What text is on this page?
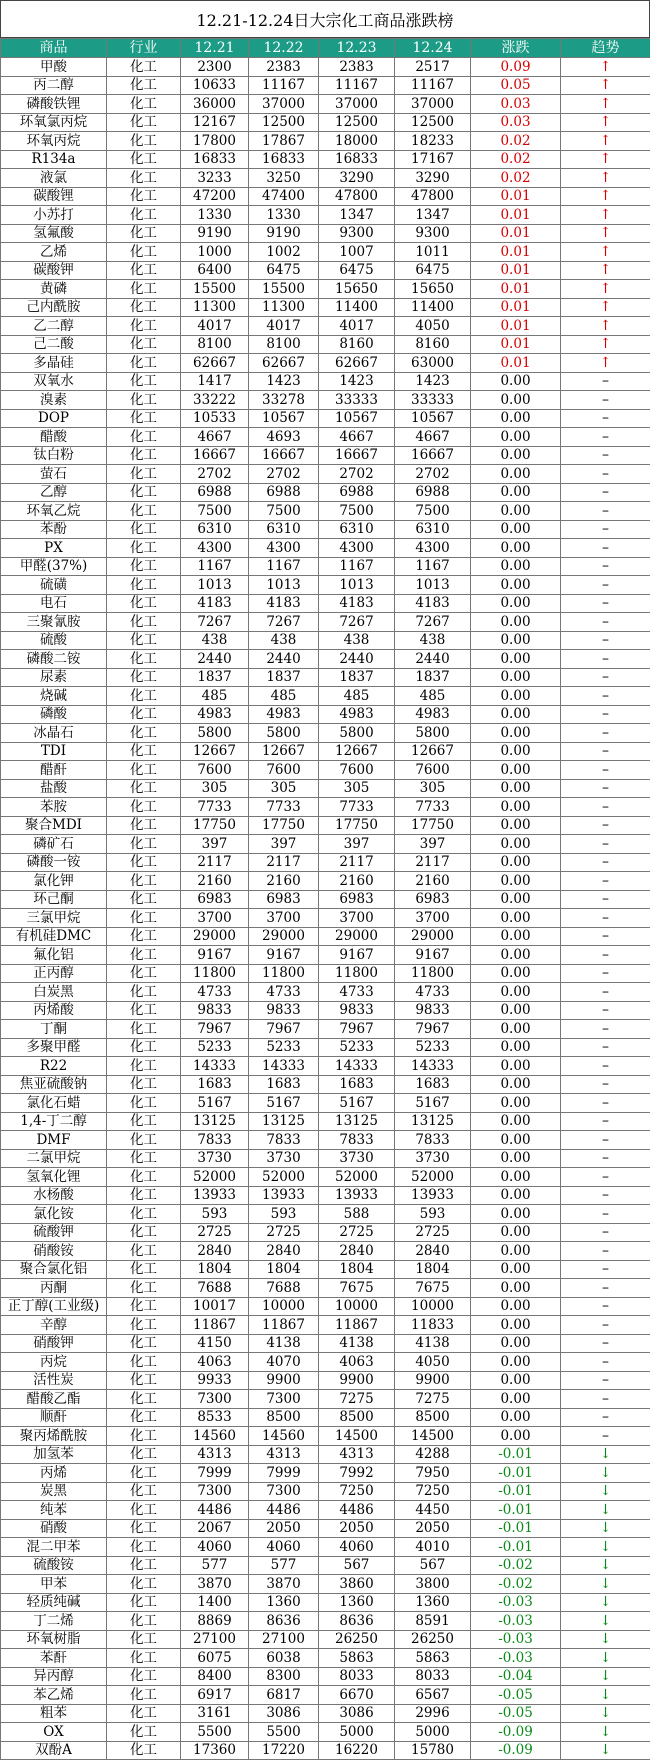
12.21-12.24日大宗化工商品涨跌榜
商品	行业	12.21	12.22	12.23	12.24	涨跌	趋势
甲酸	化工	2300	2383	2383	2517	0.09	↑
丙二醇	化工	10633	11167	11167	11167	0.05	↑
磷酸铁锂	化工	36000	37000	37000	37000	0.03	↑
环氧氯丙烷	化工	12167	12500	12500	12500	0.03	↑
环氧丙烷	化工	17800	17867	18000	18233	0.02	↑
R134a	化工	16833	16833	16833	17167	0.02	↑
液氯	化工	3233	3250	3290	3290	0.02	↑
碳酸锂	化工	47200	47400	47800	47800	0.01	↑
小苏打	化工	1330	1330	1347	1347	0.01	↑
氢氟酸	化工	9190	9190	9300	9300	0.01	↑
乙烯	化工	1000	1002	1007	1011	0.01	↑
碳酸钾	化工	6400	6475	6475	6475	0.01	↑
黄磷	化工	15500	15500	15650	15650	0.01	↑
己内酰胺	化工	11300	11300	11400	11400	0.01	↑
乙二醇	化工	4017	4017	4017	4050	0.01	↑
己二酸	化工	8100	8100	8160	8160	0.01	↑
多晶硅	化工	62667	62667	62667	63000	0.01	↑
双氧水	化工	1417	1423	1423	1423	0.00	–
溴素	化工	33222	33278	33333	33333	0.00	–
DOP	化工	10533	10567	10567	10567	0.00	–
醋酸	化工	4667	4693	4667	4667	0.00	–
钛白粉	化工	16667	16667	16667	16667	0.00	–
萤石	化工	2702	2702	2702	2702	0.00	–
乙醇	化工	6988	6988	6988	6988	0.00	–
环氧乙烷	化工	7500	7500	7500	7500	0.00	–
苯酚	化工	6310	6310	6310	6310	0.00	–
PX	化工	4300	4300	4300	4300	0.00	–
甲醛(37%)	化工	1167	1167	1167	1167	0.00	–
硫磺	化工	1013	1013	1013	1013	0.00	–
电石	化工	4183	4183	4183	4183	0.00	–
三聚氰胺	化工	7267	7267	7267	7267	0.00	–
硫酸	化工	438	438	438	438	0.00	–
磷酸二铵	化工	2440	2440	2440	2440	0.00	–
尿素	化工	1837	1837	1837	1837	0.00	–
烧碱	化工	485	485	485	485	0.00	–
磷酸	化工	4983	4983	4983	4983	0.00	–
冰晶石	化工	5800	5800	5800	5800	0.00	–
TDI	化工	12667	12667	12667	12667	0.00	–
醋酐	化工	7600	7600	7600	7600	0.00	–
盐酸	化工	305	305	305	305	0.00	–
苯胺	化工	7733	7733	7733	7733	0.00	–
聚合MDI	化工	17750	17750	17750	17750	0.00	–
磷矿石	化工	397	397	397	397	0.00	–
磷酸一铵	化工	2117	2117	2117	2117	0.00	–
氯化钾	化工	2160	2160	2160	2160	0.00	–
环己酮	化工	6983	6983	6983	6983	0.00	–
三氯甲烷	化工	3700	3700	3700	3700	0.00	–
有机硅DMC	化工	29000	29000	29000	29000	0.00	–
氟化铝	化工	9167	9167	9167	9167	0.00	–
正丙醇	化工	11800	11800	11800	11800	0.00	–
白炭黑	化工	4733	4733	4733	4733	0.00	–
丙烯酸	化工	9833	9833	9833	9833	0.00	–
丁酮	化工	7967	7967	7967	7967	0.00	–
多聚甲醛	化工	5233	5233	5233	5233	0.00	–
R22	化工	14333	14333	14333	14333	0.00	–
焦亚硫酸钠	化工	1683	1683	1683	1683	0.00	–
氯化石蜡	化工	5167	5167	5167	5167	0.00	–
1,4-丁二醇	化工	13125	13125	13125	13125	0.00	–
DMF	化工	7833	7833	7833	7833	0.00	–
二氯甲烷	化工	3730	3730	3730	3730	0.00	–
氢氧化锂	化工	52000	52000	52000	52000	0.00	–
水杨酸	化工	13933	13933	13933	13933	0.00	–
氯化铵	化工	593	593	588	593	0.00	–
硫酸钾	化工	2725	2725	2725	2725	0.00	–
硝酸铵	化工	2840	2840	2840	2840	0.00	–
聚合氯化铝	化工	1804	1804	1804	1804	0.00	–
丙酮	化工	7688	7688	7675	7675	0.00	–
正丁醇(工业级)	化工	10017	10000	10000	10000	0.00	–
辛醇	化工	11867	11867	11867	11833	0.00	–
硝酸钾	化工	4150	4138	4138	4138	0.00	–
丙烷	化工	4063	4070	4063	4050	0.00	–
活性炭	化工	9933	9900	9900	9900	0.00	–
醋酸乙酯	化工	7300	7300	7275	7275	0.00	–
顺酐	化工	8533	8500	8500	8500	0.00	–
聚丙烯酰胺	化工	14560	14560	14500	14500	0.00	–
加氢苯	化工	4313	4313	4313	4288	-0.01	↓
丙烯	化工	7999	7999	7992	7950	-0.01	↓
炭黑	化工	7300	7300	7250	7250	-0.01	↓
纯苯	化工	4486	4486	4486	4450	-0.01	↓
硝酸	化工	2067	2050	2050	2050	-0.01	↓
混二甲苯	化工	4060	4060	4060	4010	-0.01	↓
硫酸铵	化工	577	577	567	567	-0.02	↓
甲苯	化工	3870	3870	3860	3800	-0.02	↓
轻质纯碱	化工	1400	1360	1360	1360	-0.03	↓
丁二烯	化工	8869	8636	8636	8591	-0.03	↓
环氧树脂	化工	27100	27100	26250	26250	-0.03	↓
苯酐	化工	6075	6038	5863	5863	-0.03	↓
异丙醇	化工	8400	8300	8033	8033	-0.04	↓
苯乙烯	化工	6917	6817	6670	6567	-0.05	↓
粗苯	化工	3161	3086	3086	2996	-0.05	↓
OX	化工	5500	5500	5000	5000	-0.09	↓
双酚A	化工	17360	17220	16220	15780	-0.09	↓
